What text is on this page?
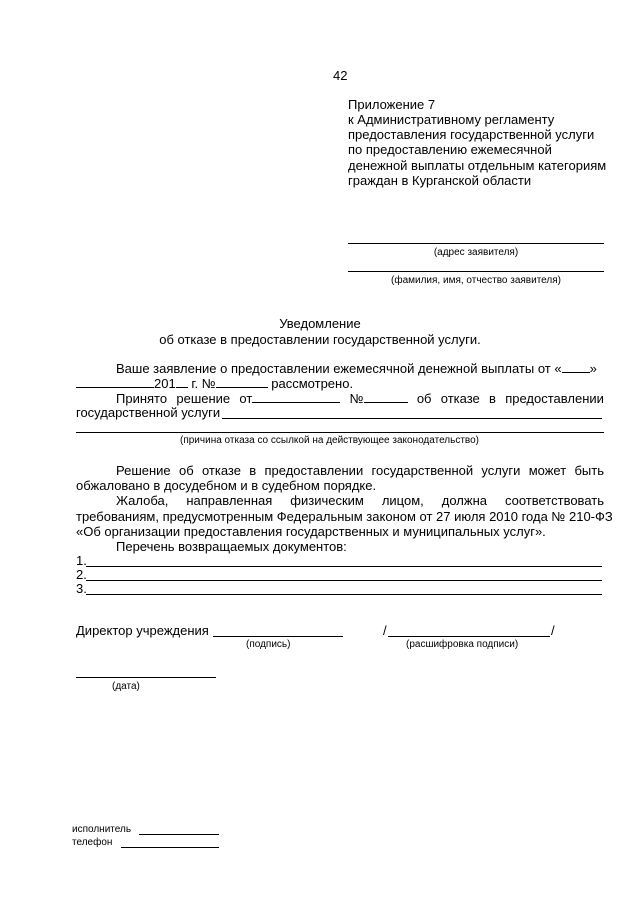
42
Приложение 7
к Административному регламенту
предоставления государственной услуги
по предоставлению ежемесячной
денежной выплаты отдельным категориям
граждан в Курганской области
(адрес заявителя)
(фамилия, имя, отчество заявителя)
Уведомление
об отказе в предоставлении государственной услуги.
Ваше заявление о предоставлении ежемесячной денежной выплаты от « »
201 г. №	рассмотрено.
Принято решение от	№	об отказе в предоставлении
государственной услуги
(причина отказа со ссылкой на действующее законодательство)
Решение об отказе в предоставлении государственной услуги может быть
обжаловано в досудебном и в судебном порядке.
Жалоба, направленная физическим лицом, должна соответствовать
требованиям, предусмотренным Федеральным законом от 27 июля 2010 года № 210-ФЗ
«Об организации предоставления государственных и муниципальных услуг».
Перечень возвращаемых документов:
1.
2.
3.
Директор учреждения	/	/
(подпись)	(расшифровка подписи)
(дата)
исполнитель
телефон
